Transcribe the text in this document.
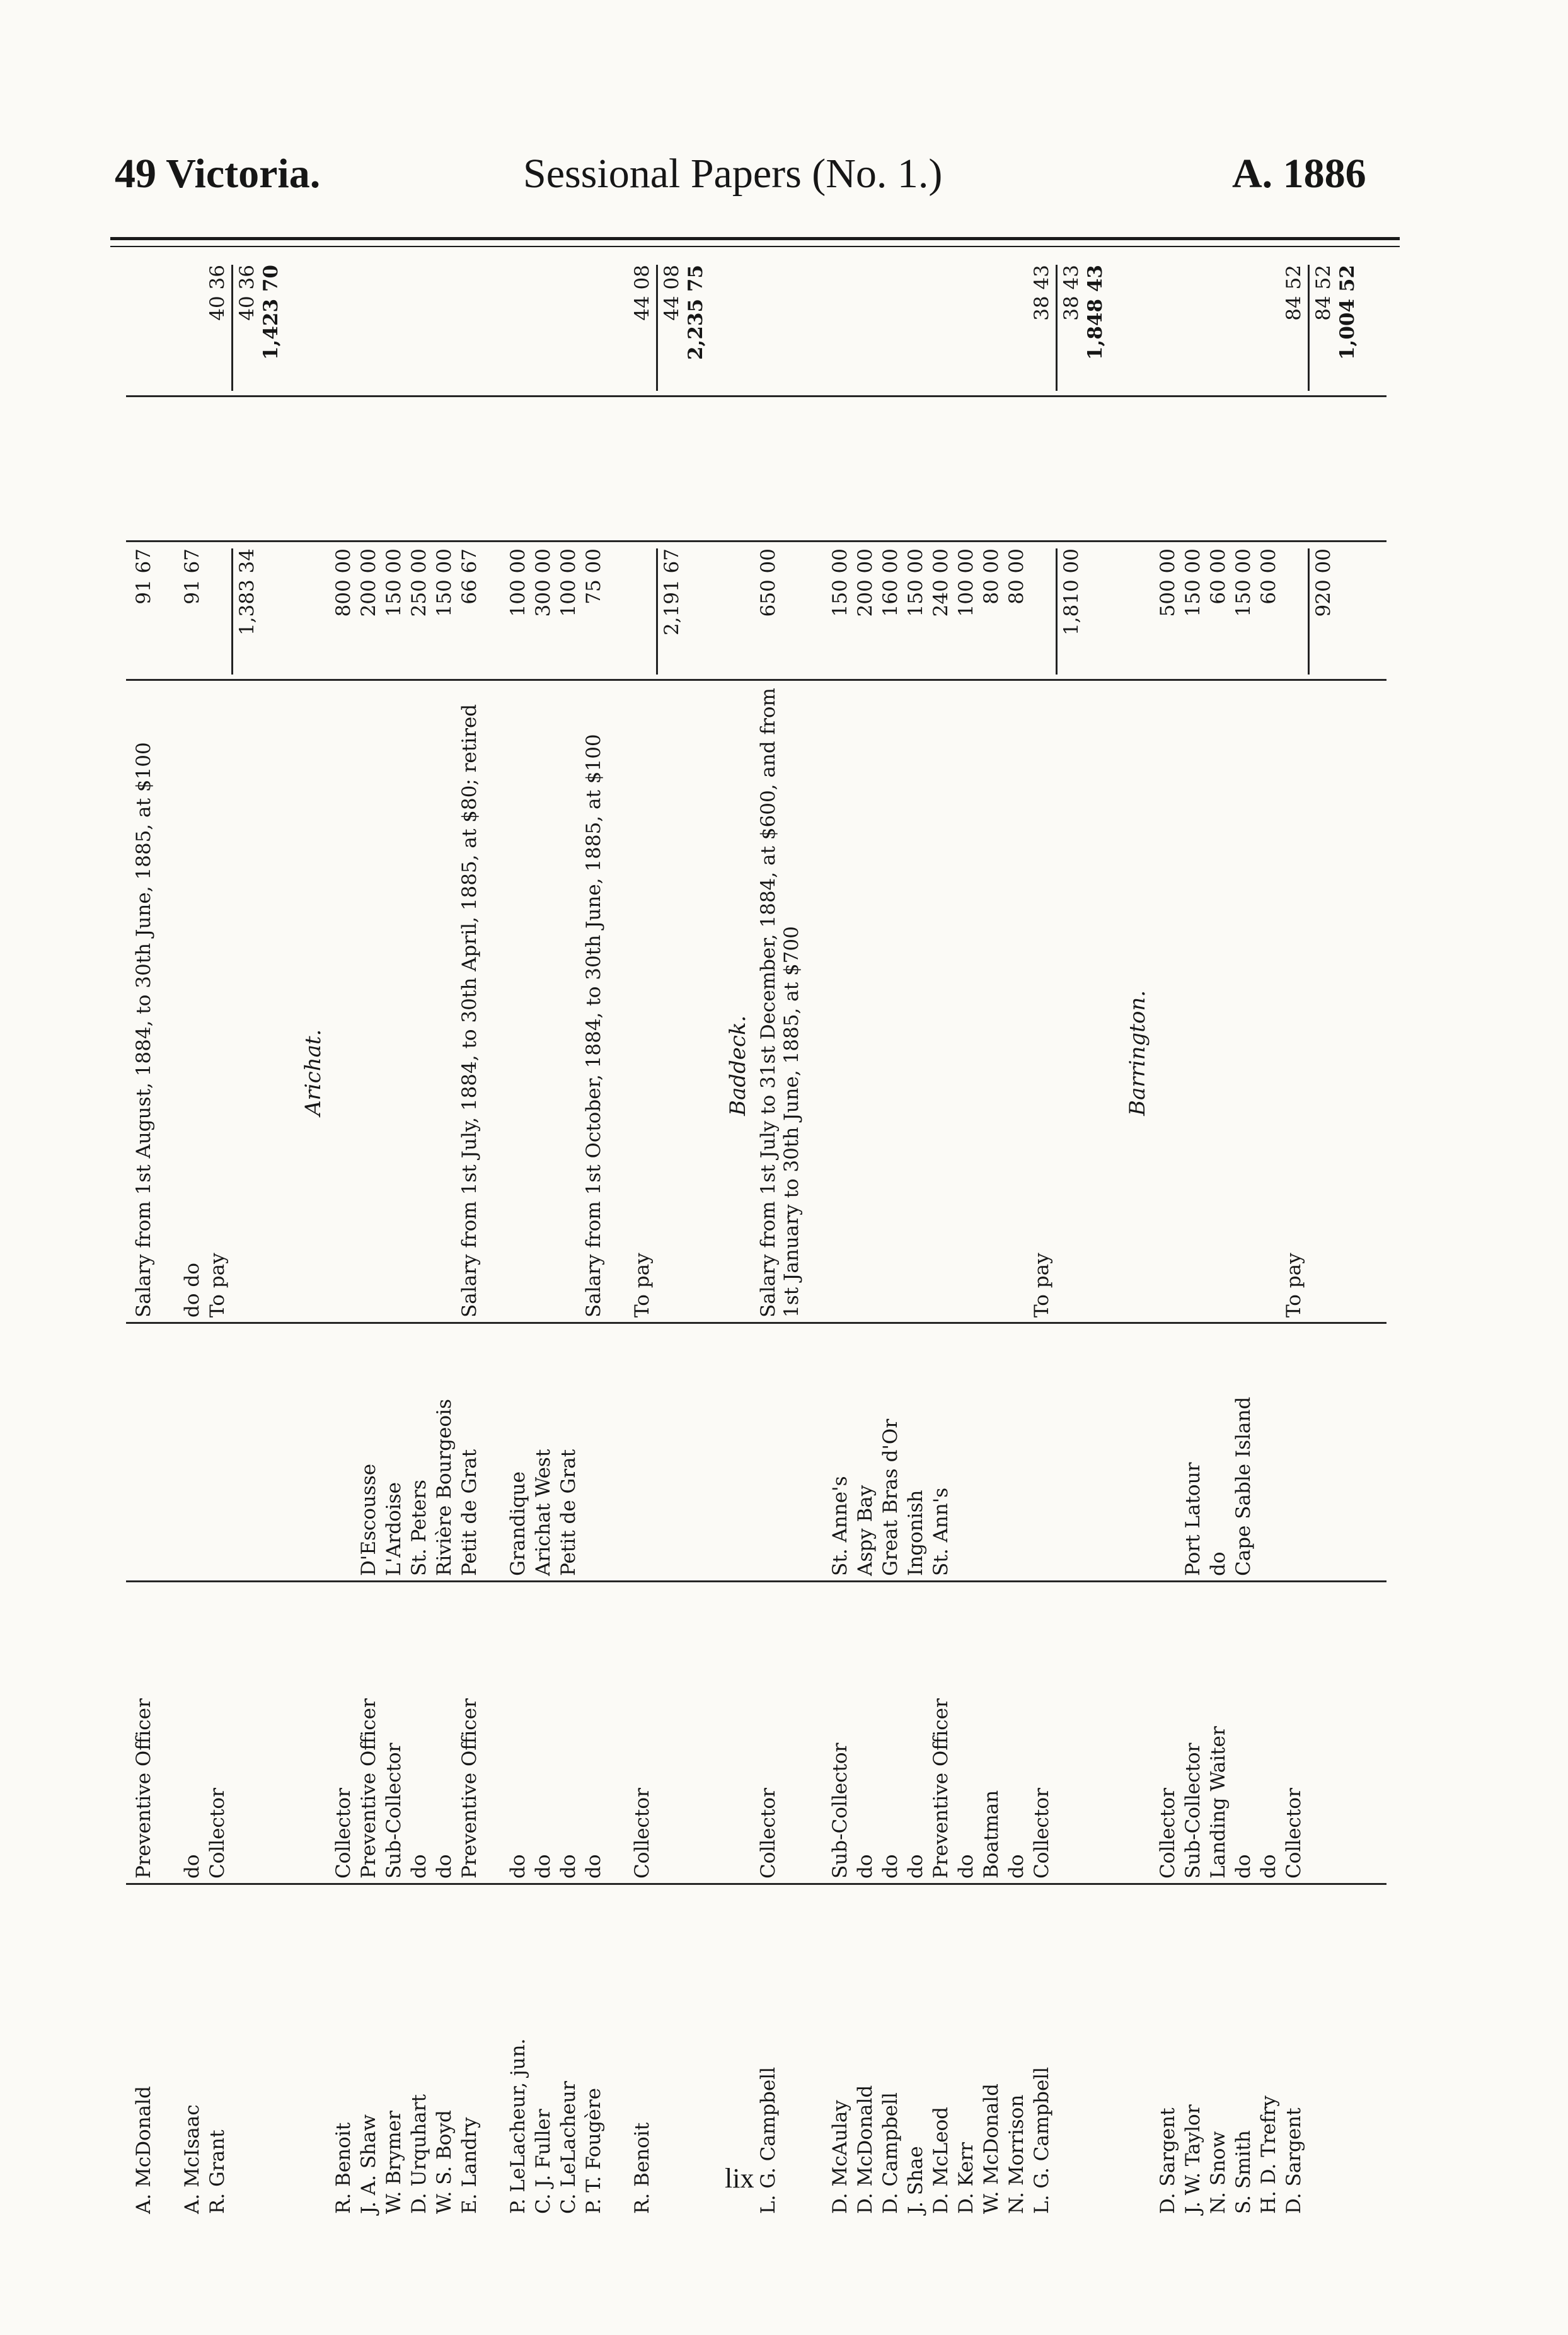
49 Victoria.	Sessional Papers (No. 1.)	A. 1886
A. McDonald
Preventive Officer
Salary from 1st August, 1884, to 30th June, 1885, at $100
91 67
A. McIsaac
do
do do
91 67
R. Grant
Collector
To pay
40 36
1,383 34
40 36 1,423 70
Arichat.
R. Benoit
Collector
800 00
J. A. Shaw
Preventive Officer
D'Escousse
200 00
W. Brymer
Sub-Collector
L'Ardoise
150 00
D. Urquhart
do
St. Peters
250 00
W. S. Boyd
do
Rivière Bourgeois
150 00
E. Landry
Preventive Officer
Petit de Grat
Salary from 1st July, 1884, to 30th April, 1885, at $80; retired
66 67
P. LeLacheur, jun.
do
Grandique
100 00
C. J. Fuller
do
Arichat West
300 00
C. LeLacheur
do
Petit de Grat
100 00
P. T. Fougère
do
Salary from 1st October, 1884, to 30th June, 1885, at $100
75 00
R. Benoit
Collector
To pay
44 08
2,191 67
44 08 2,235 75
Baddeck.
L. G. Campbell
Collector
Salary from 1st July to 31st December, 1884, at $600, and from 1st January to 30th June, 1885, at $700
650 00
D. McAulay
Sub-Collector
St. Anne's
150 00
D. McDonald
do
Aspy Bay
200 00
D. Campbell
do
Great Bras d'Or
160 00
J. Shae
do
Ingonish
150 00
D. McLeod
Preventive Officer
St. Ann's
240 00
D. Kerr
do
100 00
W. McDonald
Boatman
80 00
N. Morrison
do
80 00
L. G. Campbell
Collector
To pay
38 43
1,810 00
38 43 1,848 43
Barrington.
D. Sargent
Collector
500 00
J. W. Taylor
Sub-Collector
Port Latour
150 00
N. Snow
Landing Waiter
do
60 00
S. Smith
do
Cape Sable Island
150 00
H. D. Trefry
do
60 00
D. Sargent
Collector
To pay
84 52
920 00
84 52 1,004 52
lix
